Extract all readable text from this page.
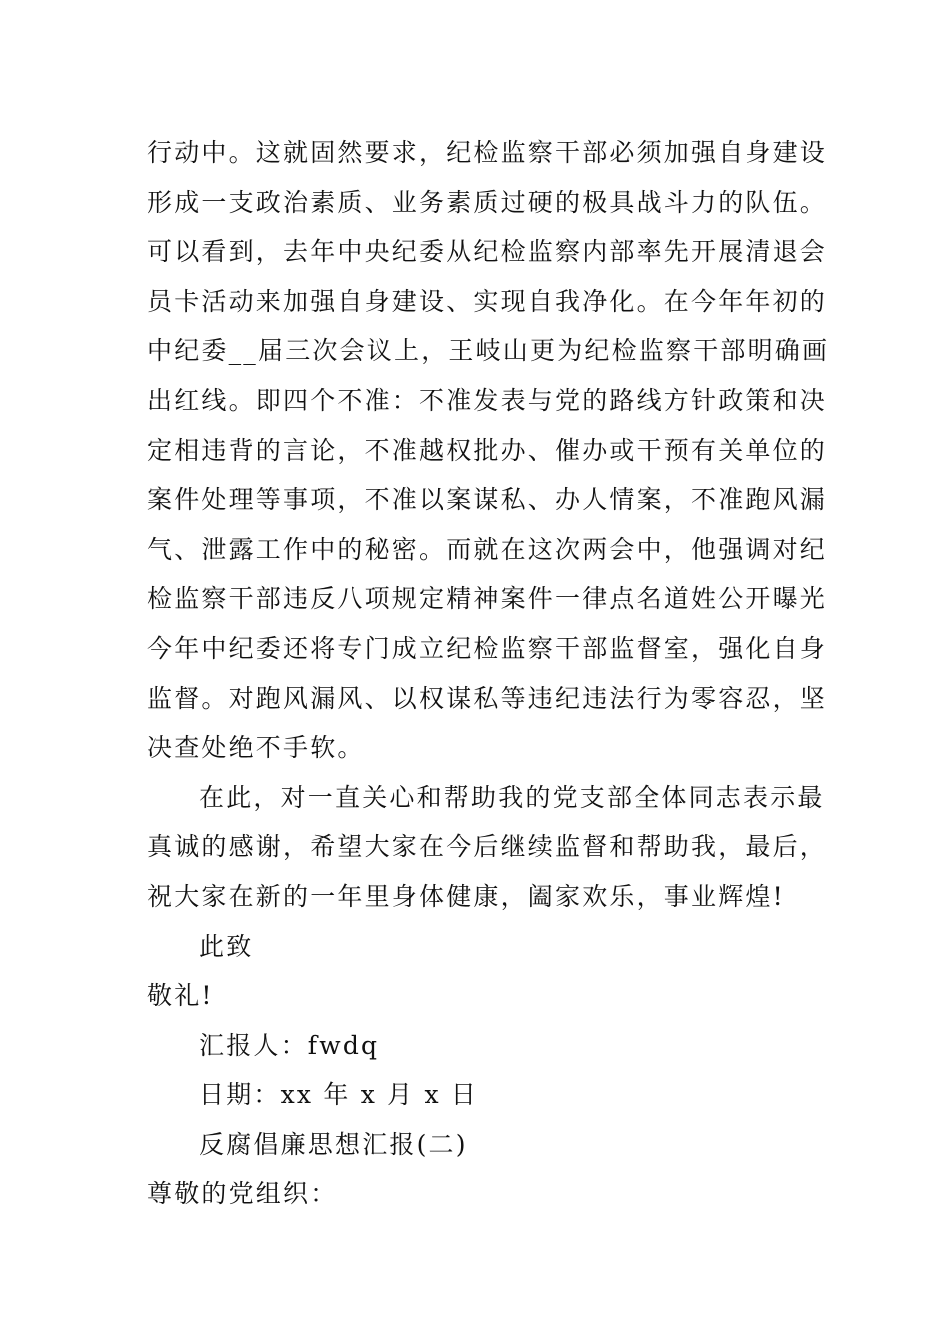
行动中。这就固然要求，纪检监察干部必须加强自身建设
形成一支政治素质、业务素质过硬的极具战斗力的队伍。
可以看到，去年中央纪委从纪检监察内部率先开展清退会
员卡活动来加强自身建设、实现自我净化。在今年年初的
中纪委__届三次会议上，王岐山更为纪检监察干部明确画
出红线。即四个不准：不准发表与党的路线方针政策和决
定相违背的言论，不准越权批办、催办或干预有关单位的
案件处理等事项，不准以案谋私、办人情案，不准跑风漏
气、泄露工作中的秘密。而就在这次两会中，他强调对纪
检监察干部违反八项规定精神案件一律点名道姓公开曝光
今年中纪委还将专门成立纪检监察干部监督室，强化自身
监督。对跑风漏风、以权谋私等违纪违法行为零容忍，坚
决查处绝不手软。
在此，对一直关心和帮助我的党支部全体同志表示最
真诚的感谢，希望大家在今后继续监督和帮助我，最后，
祝大家在新的一年里身体健康，阖家欢乐，事业辉煌!
此致
敬礼!
汇报人：fwdq
日期：xx 年 x 月 x 日
反腐倡廉思想汇报(二)
尊敬的党组织：
